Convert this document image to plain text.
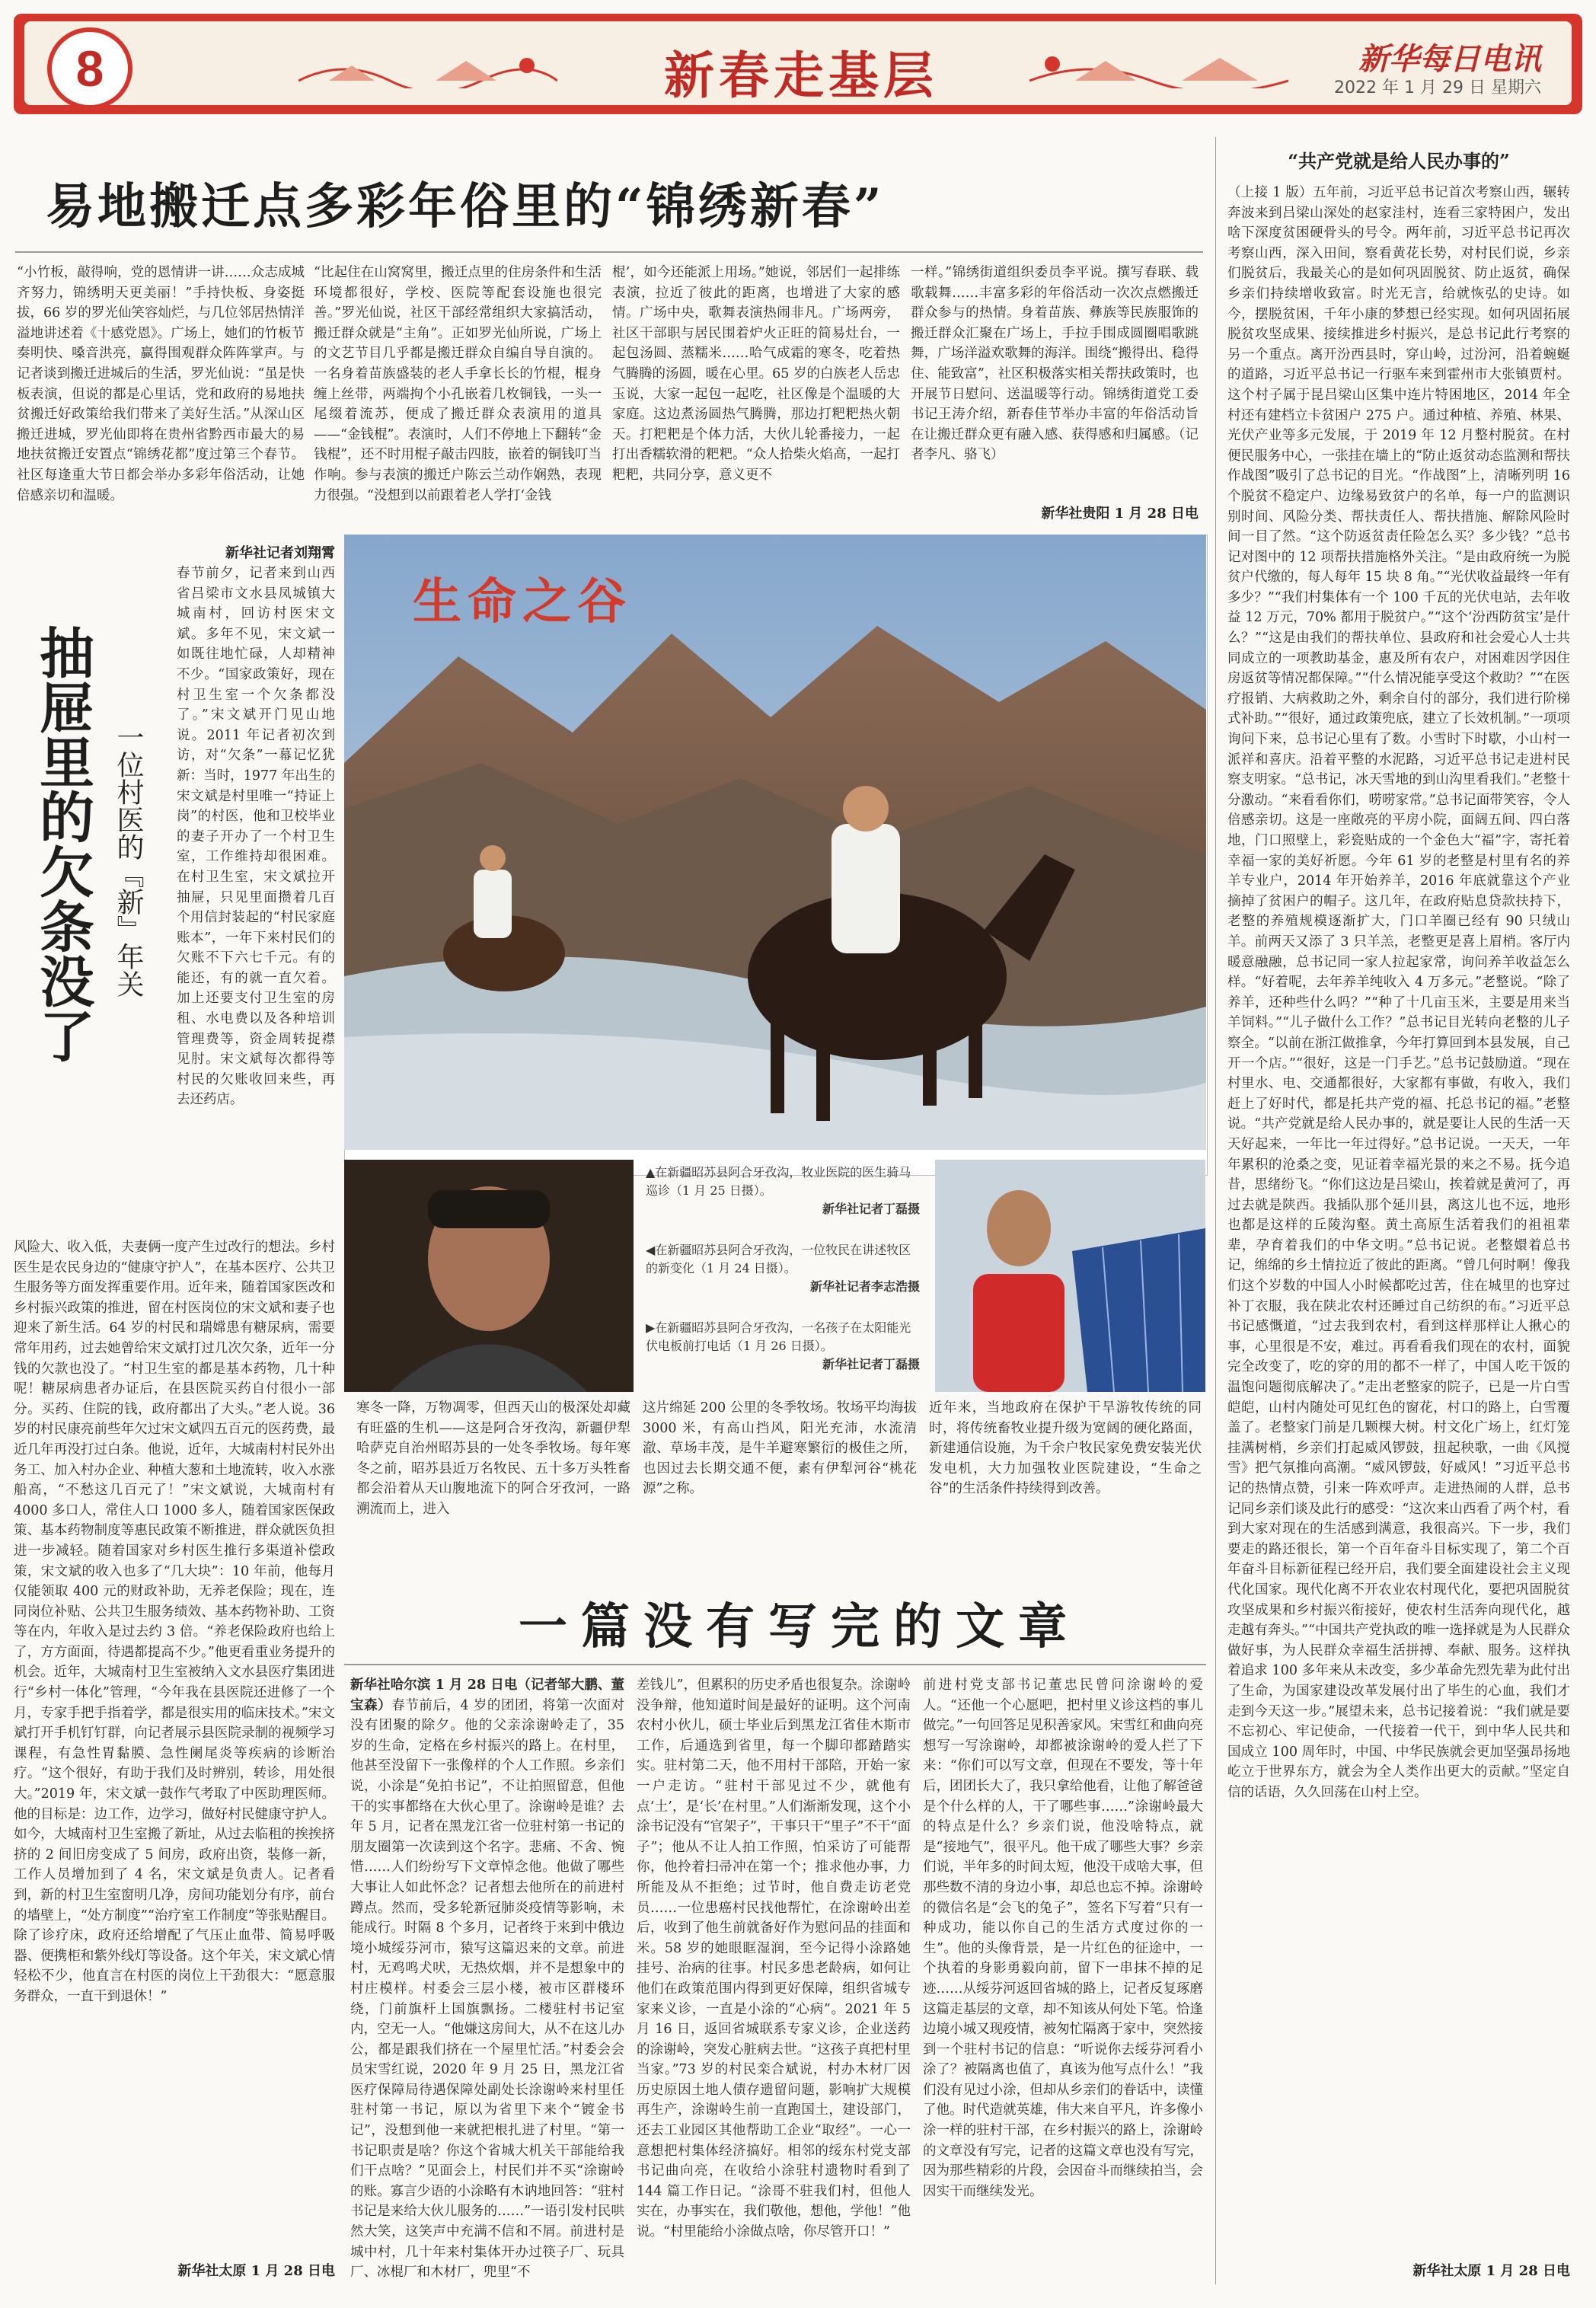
8	新春走基层	新华每日电讯
2022 年 1 月 29 日 星期六
易地搬迁点多彩年俗里的“锦绣新春”
“小竹板，敲得响，党的恩情讲一讲……众志成城齐努力，锦绣明天更美丽！”手持快板、身姿挺拔，66 岁的罗光仙笑容灿烂，与几位邻居热情洋溢地讲述着《十感党恩》。广场上，她们的竹板节奏明快、嗓音洪亮，赢得围观群众阵阵掌声。与记者谈到搬迁进城后的生活，罗光仙说：“虽是快板表演，但说的都是心里话，党和政府的易地扶贫搬迁好政策给我们带来了美好生活。”从深山区搬迁进城，罗光仙即将在贵州省黔西市最大的易地扶贫搬迁安置点“锦绣花都”度过第三个春节。社区每逢重大节日都会举办多彩年俗活动，让她倍感亲切和温暖。
“比起住在山窝窝里，搬迁点里的住房条件和生活环境都很好，学校、医院等配套设施也很完善。”罗光仙说，社区干部经常组织大家搞活动，搬迁群众就是“主角”。正如罗光仙所说，广场上的文艺节目几乎都是搬迁群众自编自导自演的。一名身着苗族盛装的老人手拿长长的竹棍，棍身缠上丝带，两端拘个小孔嵌着几枚铜钱，一头一尾缀着流苏，便成了搬迁群众表演用的道具——“金钱棍”。表演时，人们不停地上下翻转“金钱棍”，还不时用棍子敲击四肢，嵌着的铜钱叮当作响。参与表演的搬迁户陈云兰动作娴熟，表现力很强。“没想到以前跟着老人学打‘金钱
棍’，如今还能派上用场。”她说，邻居们一起排练表演，拉近了彼此的距离，也增进了大家的感情。广场中央，歌舞表演热闹非凡。广场两旁，社区干部职与居民围着炉火正旺的简易灶台，一起包汤圆、蒸糯米……哈气成霜的寒冬，吃着热气腾腾的汤圆，暖在心里。65 岁的白族老人岳忠玉说，大家一起包一起吃，社区像是个温暖的大家庭。这边煮汤圆热气腾腾，那边打粑粑热火朝天。打粑粑是个体力活，大伙儿轮番接力，一起打出香糯软滑的粑粑。“众人拾柴火焰高，一起打粑粑，共同分享，意义更不
一样。”锦绣街道组织委员李平说。撰写春联、载歌载舞……丰富多彩的年俗活动一次次点燃搬迁群众参与的热情。身着苗族、彝族等民族服饰的搬迁群众汇聚在广场上，手拉手围成圆圈唱歌跳舞，广场洋溢欢歌舞的海洋。围绕“搬得出、稳得住、能致富”，社区积极落实相关帮扶政策时，也开展节日慰问、送温暖等行动。锦绣街道党工委书记王涛介绍，新春佳节举办丰富的年俗活动旨在让搬迁群众更有融入感、获得感和归属感。（记者李凡、骆飞）
新华社贵阳 1 月 28 日电
新华社记者刘翔霄
抽屉里的欠条没了 一位村医的『新』年关
春节前夕，记者来到山西省吕梁市文水县凤城镇大城南村，回访村医宋文斌。多年不见，宋文斌一如既往地忙碌，人却精神不少。“国家政策好，现在村卫生室一个欠条都没了。”宋文斌开门见山地说。2011 年记者初次到访，对“欠条”一幕记忆犹新：当时，1977 年出生的宋文斌是村里唯一“持证上岗”的村医，他和卫校毕业的妻子开办了一个村卫生室，工作维持却很困难。在村卫生室，宋文斌拉开抽屉，只见里面攒着几百个用信封装起的“村民家庭账本”，一年下来村民们的欠账不下六七千元。有的能还，有的就一直欠着。加上还要支付卫生室的房租、水电费以及各种培训管理费等，资金周转捉襟见肘。宋文斌每次都得等村民的欠账收回来些，再去还药店。
风险大、收入低，夫妻俩一度产生过改行的想法。乡村医生是农民身边的“健康守护人”，在基本医疗、公共卫生服务等方面发挥重要作用。近年来，随着国家医改和乡村振兴政策的推进，留在村医岗位的宋文斌和妻子也迎来了新生活。64 岁的村民和瑞嫦患有糖尿病，需要常年用药，过去她曾给宋文斌打过几次欠条，近年一分钱的欠款也没了。“村卫生室的都是基本药物，几十种呢！糖尿病患者办证后，在县医院买药自付很小一部分。买药、住院的钱，政府都出了大头。”老人说。36 岁的村民康亮前些年欠过宋文斌四五百元的医药费，最近几年再没打过白条。他说，近年，大城南村村民外出务工、加入村办企业、种植大葱和土地流转，收入水涨船高，“不愁这几百元了！”宋文斌说，大城南村有 4000 多口人，常住人口 1000 多人，随着国家医保政策、基本药物制度等惠民政策不断推进，群众就医负担进一步减轻。随着国家对乡村医生推行多渠道补偿政策，宋文斌的收入也多了“几大块”：10 年前，他每月仅能领取 400 元的财政补助，无养老保险；现在，连同岗位补贴、公共卫生服务绩效、基本药物补助、工资等在内，年收入是过去约 3 倍。“养老保险政府也给上了，方方面面，待遇都提高不少。”他更看重业务提升的机会。近年，大城南村卫生室被纳入文水县医疗集团进行“乡村一体化”管理，“今年我在县医院还进修了一个月，专家手把手指着学，都是很实用的临床技术。”宋文斌打开手机钉钉群，向记者展示县医院录制的视频学习课程，有急性胃黏膜、急性阑尾炎等疾病的诊断治疗。“这个很好，有助于我们及时辨别，转诊，用处很大。”2019 年，宋文斌一鼓作气考取了中医助理医师。他的目标是：边工作，边学习，做好村民健康守护人。如今，大城南村卫生室搬了新址，从过去临租的挨挨挤挤的 2 间旧房变成了 5 间房，政府出资，装修一新，工作人员增加到了 4 名，宋文斌是负责人。记者看到，新的村卫生室窗明几净，房间功能划分有序，前台的墙壁上，“处方制度”“治疗室工作制度”等张贴醒目。除了诊疗床，政府还给增配了气压止血带、简易呼吸器、便携柜和紫外线灯等设备。这个年关，宋文斌心情轻松不少，他直言在村医的岗位上干劲很大：“愿意服务群众，一直干到退休！”
新华社太原 1 月 28 日电
生命之谷
▲在新疆昭苏县阿合牙孜沟，牧业医院的医生骑马巡诊（1 月 25 日摄）。
新华社记者丁磊摄
◀在新疆昭苏县阿合牙孜沟，一位牧民在讲述牧区的新变化（1 月 24 日摄）。
新华社记者李志浩摄
▶在新疆昭苏县阿合牙孜沟，一名孩子在太阳能光伏电板前打电话（1 月 26 日摄）。
新华社记者丁磊摄
寒冬一降，万物凋零，但西天山的极深处却藏有旺盛的生机——这是阿合牙孜沟，新疆伊犁哈萨克自治州昭苏县的一处冬季牧场。每年寒冬之前，昭苏县近万名牧民、五十多万头牲畜都会沿着从天山腹地流下的阿合牙孜河，一路溯流而上，进入
这片绵延 200 公里的冬季牧场。牧场平均海拔 3000 米，有高山挡风，阳光充沛，水流清澈、草场丰茂，是牛羊避寒繁衍的极佳之所，也因过去长期交通不便，素有伊犁河谷“桃花源”之称。
近年来，当地政府在保护干旱游牧传统的同时，将传统畜牧业提升级为宽阔的硬化路面，新建通信设施，为千余户牧民家免费安装光伏发电机，大力加强牧业医院建设，“生命之谷”的生活条件持续得到改善。
一篇没有写完的文章
新华社哈尔滨 1 月 28 日电（记者邹大鹏、董宝森）春节前后，4 岁的团团，将第一次面对没有团聚的除夕。他的父亲涂谢岭走了，35 岁的生命，定格在乡村振兴的路上。在村里，他甚至没留下一张像样的个人工作照。乡亲们说，小涂是“免拍书记”，不让拍照留意，但他干的实事都络在大伙心里了。涂谢岭是谁？去年 5 月，记者在黑龙江省一位驻村第一书记的朋友圈第一次读到这个名字。悲痛、不舍、惋惜……人们纷纷写下文章悼念他。他做了哪些大事让人如此怀念？记者想去他所在的前进村蹲点。然而，受多轮新冠肺炎疫情等影响，未能成行。时隔 8 个多月，记者终于来到中俄边境小城绥芬河市，猿写这篇迟来的文章。前进村，无鸡鸣犬吠，无热炊烟，并不是想象中的村庄模样。村委会三层小楼，被市区群楼环绕，门前旗杆上国旗飘扬。二楼驻村书记室内，空无一人。“他嫌这房间大，从不在这儿办公，都是跟我们挤在一个屋里忙活。”村委会会员宋雪红说，2020 年 9 月 25 日，黑龙江省医疗保障局待遇保障处副处长涂谢岭来村里任驻村第一书记，原以为省里下来个“镀金书记”，没想到他一来就把根扎进了村里。“第一书记职责是啥？你这个省城大机关干部能给我们干点啥？”见面会上，村民们并不买“涂谢岭的账。寡言少语的小涂略有木讷地回答：“驻村书记是来给大伙儿服务的……”一语引发村民哄然大笑，这笑声中充满不信和不屑。前进村是城中村，几十年来村集体开办过筷子厂、玩具厂、冰棍厂和木材厂，兜里“不
差钱儿”，但累积的历史矛盾也很复杂。涂谢岭没争辩，他知道时间是最好的证明。这个河南农村小伙儿，硕士毕业后到黑龙江省佳木斯市工作，后通选到省里，每一个脚印都踏踏实实。驻村第二天，他不用村干部陪，开始一家一户走访。“驻村干部见过不少，就他有点‘土’，是‘长’在村里。”人们渐渐发现，这个小涂书记没有“官架子”，干事只干“里子”不干“面子”；他从不让人拍工作照，怕采访了可能帮你，他拎着扫帚冲在第一个；推求他办事，力所能及从不拒绝；过节时，他自费走访老党员……一位患癌村民找他帮忙，在涂谢岭出差后，收到了他生前就备好作为慰问品的挂面和米。58 岁的她眼眶湿润，至今记得小涂路她挂号、治病的往事。村民多患老龄病，如何让他们在政策范围内得到更好保障，组织省城专家来义诊，一直是小涂的“心病”。2021 年 5 月 16 日，返回省城联系专家义诊，企业送药的涂谢岭，突发心脏病去世。“这孩子真把村里当家。”73 岁的村民栾合斌说，村办木材厂因历史原因土地人债存遗留问题，影响扩大规模再生产，涂谢岭生前一直跑国土，建设部门，还去工业园区其他帮助工企业“取经”。一心一意想把村集体经济搞好。相邻的绥东村党支部书记曲向亮，在收给小涂驻村遗物时看到了 144 篇工作日记。“涂哥不驻我们村，但他人实在，办事实在，我们敬他，想他，学他！”他说。“村里能给小涂做点啥，你尽管开口！”
前进村党支部书记董忠民曾问涂谢岭的爱人。“还他一个心愿吧，把村里义诊这档的事儿做完。”一句回答足见积善家风。宋雪红和曲向亮想写一写涂谢岭，却都被涂谢岭的爱人拦了下来：“你们可以写文章，但现在不要发，等十年后，团团长大了，我只拿给他看，让他了解爸爸是个什么样的人，干了哪些事……”涂谢岭最大的特点是什么？乡亲们说，他没啥特点，就是“接地气”，很平凡。他干成了哪些大事？乡亲们说，半年多的时间太短，他没干成啥大事，但那些数不清的身边小事，却总也忘不掉。涂谢岭的微信名是“会飞的兔子”，签名下写着“只有一种成功，能以你自己的生活方式度过你的一生”。他的头像背景，是一片红色的征途中，一个执着的身影勇毅向前，留下一串抹不掉的足迹……从绥芬河返回省城的路上，记者反复琢磨这篇走基层的文章，却不知该从何处下笔。恰逢边境小城又现疫情，被匆忙隔离于家中，突然接到一个驻村书记的信息：“听说你去绥芬河看小涂了？被隔离也值了，真该为他写点什么！”我们没有见过小涂，但却从乡亲们的眷话中，读懂了他。时代造就英雄，伟大来自平凡，许多像小涂一样的驻村干部，在乡村振兴的路上，涂谢岭的文章没有写完，记者的这篇文章也没有写完，因为那些精彩的片段，会因奋斗而继续拍当，会因实干而继续发光。
“共产党就是给人民办事的”
（上接 1 版）五年前，习近平总书记首次考察山西，辗转奔波来到吕梁山深处的赵家洼村，连看三家特困户，发出啥下深度贫困硬骨头的号令。两年前，习近平总书记再次考察山西，深入田间，察看黄花长势，对村民们说，乡亲们脱贫后，我最关心的是如何巩固脱贫、防止返贫，确保乡亲们持续增收致富。时光无言，给就恢弘的史诗。如今，摆脱贫困，千年小康的梦想已经实现。如何巩固拓展脱贫攻坚成果、接续推进乡村振兴，是总书记此行考察的另一个重点。离开汾西县时，穿山岭，过汾河，沿着蜿蜒的道路，习近平总书记一行驱车来到霍州市大张镇贾村。这个村子属于昆吕梁山区集中连片特困地区，2014 年全村还有建档立卡贫困户 275 户。通过种植、养殖、林果、光伏产业等多元发展，于 2019 年 12 月整村脱贫。在村便民服务中心，一张挂在墙上的“防止返贫动态监测和帮扶作战图”吸引了总书记的目光。“作战图”上，清晰列明 16 个脱贫不稳定户、边缘易致贫户的名单，每一户的监测识别时间、风险分类、帮扶责任人、帮扶措施、解除风险时间一目了然。“这个防返贫责任险怎么买？多少钱？”总书记对图中的 12 项帮扶措施格外关注。“是由政府统一为脱贫户代缴的，每人每年 15 块 8 角。”“光伏收益最终一年有多少？”“我们村集体有一个 100 千瓦的光伏电站，去年收益 12 万元，70% 都用于脱贫户。”“这个‘汾西防贫宝’是什么？”“这是由我们的帮扶单位、县政府和社会爱心人士共同成立的一项教助基金，惠及所有农户，对困难因学因住房返贫等情况都保障。”“什么情况能享受这个救助？”“在医疗报销、大病救助之外，剩余自付的部分，我们进行阶梯式补助。”“很好，通过政策兜底，建立了长效机制。”一项项询问下来，总书记心里有了数。小雪时下时歇，小山村一派祥和喜庆。沿着平整的水泥路，习近平总书记走进村民察支明家。“总书记，冰天雪地的到山沟里看我们。”老整十分激动。“来看看你们，唠唠家常。”总书记面带笑容，令人倍感亲切。这是一座敞亮的平房小院，面阔五间、四白落地，门口照壁上，彩瓷贴成的一个金色大“福”字，寄托着幸福一家的美好祈愿。今年 61 岁的老整是村里有名的养羊专业户，2014 年开始养羊，2016 年底就靠这个产业摘掉了贫困户的帽子。这几年，在政府贴息贷款扶持下，老整的养殖规模逐渐扩大，门口羊圈已经有 90 只绒山羊。前两天又添了 3 只羊羔，老整更是喜上眉梢。客厅内暖意融融，总书记同一家人拉起家常，询问养羊收益怎么样。“好着呢，去年养羊纯收入 4 万多元。”老整说。“除了养羊，还种些什么吗？”“种了十几亩玉米，主要是用来当羊饲料。”“儿子做什么工作？”总书记目光转向老整的儿子察全。“以前在浙江做推拿，今年打算回到本县发展，自己开一个店。”“很好，这是一门手艺。”总书记鼓励道。“现在村里水、电、交通都很好，大家都有事做，有收入，我们赶上了好时代，都是托共产党的福、托总书记的福。”老整说。“共产党就是给人民办事的，就是要让人民的生活一天天好起来，一年比一年过得好。”总书记说。一天天，一年年累积的沧桑之变，见证着幸福光景的来之不易。抚今追昔，思绪纷飞。“你们这边是吕梁山，挨着就是黄河了，再过去就是陕西。我插队那个延川县，离这儿也不远，地形也都是这样的丘陵沟壑。黄土高原生活着我们的祖祖辈辈，孕育着我们的中华文明。”总书记说。老整嬛着总书记，绵绵的乡土情拉近了彼此的距离。“曾几何时啊！像我们这个岁数的中国人小时候都吃过苦，住在城里的也穿过补丁衣服，我在陕北农村还睡过自己纺织的布。”习近平总书记感慨道，“过去我到农村，看到这样那样让人揪心的事，心里很是不安，难过。再看看我们现在的农村，面貌完全改变了，吃的穿的用的都不一样了，中国人吃干饭的温饱问题彻底解决了。”走出老整家的院子，已是一片白雪皑皑，山村内随处可见红色的窗花，村口的路上，白雪覆盖了。老整家门前是几颗棵大树。村文化广场上，红灯笼挂满树梢，乡亲们打起威风锣鼓，扭起秧歌，一曲《风搅雪》把气氛推向高潮。“威风锣鼓，好威风！”习近平总书记的热情点赞，引来一阵欢呼声。走进热闹的人群，总书记同乡亲们谈及此行的感受：“这次来山西看了两个村，看到大家对现在的生活感到满意，我很高兴。下一步，我们要走的路还很长，第一个百年奋斗目标实现了，第二个百年奋斗目标新征程已经开启，我们要全面建设社会主义现代化国家。现代化离不开农业农村现代化，要把巩固脱贫攻坚成果和乡村振兴衔接好，使农村生活奔向现代化，越走越有奔头。”“中国共产党执政的唯一选择就是为人民群众做好事，为人民群众幸福生活拼搏、奉献、服务。这样执着追求 100 多年来从未改变，多少革命先烈先辈为此付出了生命，为国家建设改革发展付出了毕生的心血，我们才走到今天这一步。”展望未来，总书记接着说：“我们就是要不忘初心、牢记使命，一代接着一代干，到中华人民共和国成立 100 周年时，中国、中华民族就会更加坚强昂扬地屹立于世界东方，就会为全人类作出更大的贡献。”坚定自信的话语，久久回荡在山村上空。
新华社太原 1 月 28 日电
